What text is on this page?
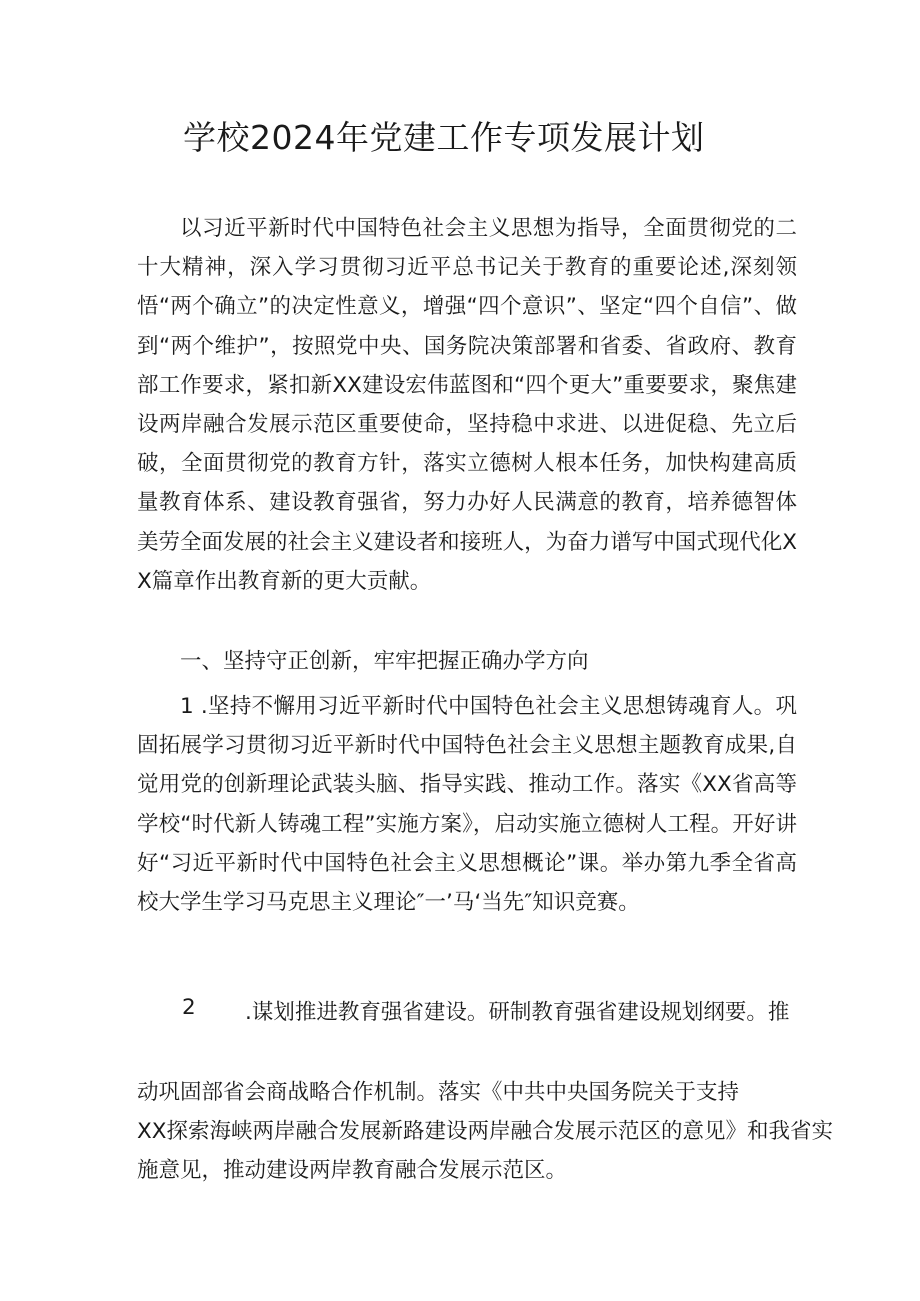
学校2024年党建工作专项发展计划

以习近平新时代中国特色社会主义思想为指导，全面贯彻党的二十大精神，深入学习贯彻习近平总书记关于教育的重要论述,深刻领悟“两个确立”的决定性意义，增强“四个意识”、坚定“四个自信”、做到“两个维护”，按照党中央、国务院决策部署和省委、省政府、教育部工作要求，紧扣新XX建设宏伟蓝图和“四个更大”重要要求，聚焦建设两岸融合发展示范区重要使命，坚持稳中求进、以进促稳、先立后破，全面贯彻党的教育方针，落实立德树人根本任务，加快构建高质量教育体系、建设教育强省，努力办好人民满意的教育，培养德智体美劳全面发展的社会主义建设者和接班人，为奋力谱写中国式现代化XX篇章作出教育新的更大贡献。

一、坚持守正创新，牢牢把握正确办学方向

1 .坚持不懈用习近平新时代中国特色社会主义思想铸魂育人。巩固拓展学习贯彻习近平新时代中国特色社会主义思想主题教育成果,自觉用党的创新理论武装头脑、指导实践、推动工作。落实《XX省高等学校“时代新人铸魂工程”实施方案》，启动实施立德树人工程。开好讲好“习近平新时代中国特色社会主义思想概论”课。举办第九季全省高校大学生学习马克思主义理论″一’马‘当先″知识竞赛。

2 .谋划推进教育强省建设。研制教育强省建设规划纲要。推
动巩固部省会商战略合作机制。落实《中共中央国务院关于支持
XX探索海峡两岸融合发展新路建设两岸融合发展示范区的意见》和我省实
施意见，推动建设两岸教育融合发展示范区。
